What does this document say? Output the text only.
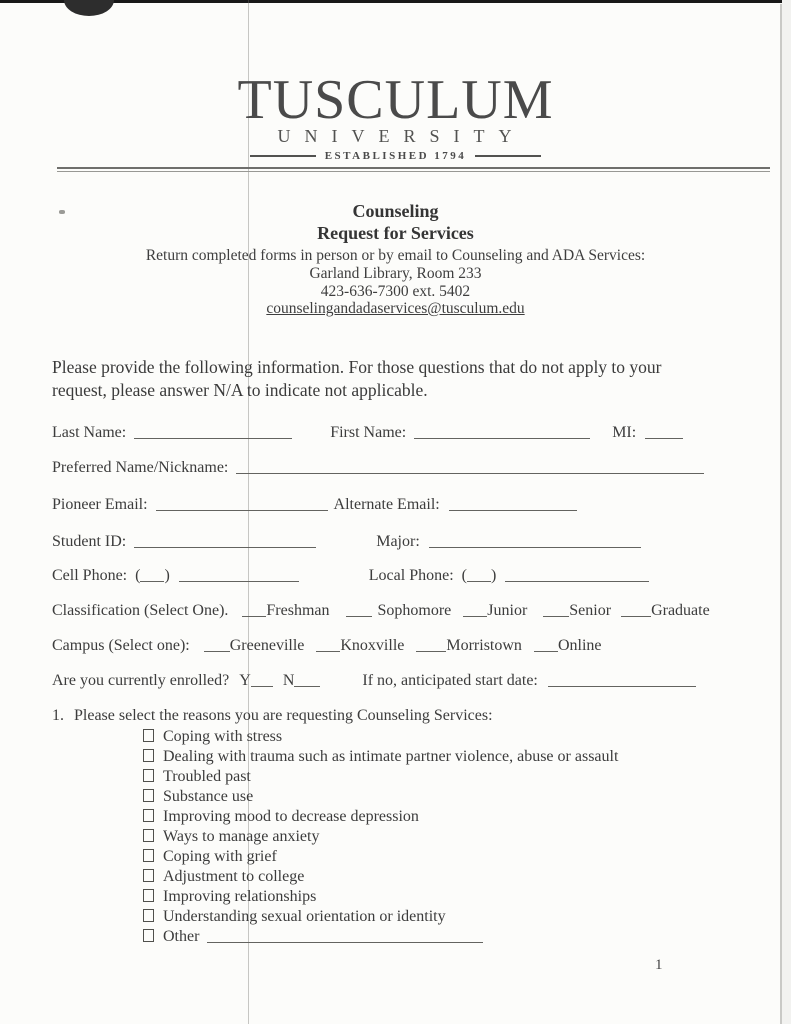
TUSCULUM
UNIVERSITY
ESTABLISHED 1794
Counseling
Request for Services
Return completed forms in person or by email to Counseling and ADA Services:
Garland Library, Room 233
423-636-7300 ext. 5402
counselingandadaservices@tusculum.edu
Please provide the following information. For those questions that do not apply to your request, please answer N/A to indicate not applicable.
Last Name:	First Name:	MI:
Preferred Name/Nickname:
Pioneer Email:	Alternate Email:
Student ID:	Major:
Cell Phone: ( )	Local Phone: ( )
Classification (Select One). Freshman	Sophomore Junior	Senior	Graduate
Campus (Select one):	Greeneville Knoxville	Morristown Online
Are you currently enrolled? Y N	If no, anticipated start date:
1. Please select the reasons you are requesting Counseling Services:
Coping with stress
Dealing with trauma such as intimate partner violence, abuse or assault
Troubled past
Substance use
Improving mood to decrease depression
Ways to manage anxiety
Coping with grief
Adjustment to college
Improving relationships
Understanding sexual orientation or identity
Other
1
